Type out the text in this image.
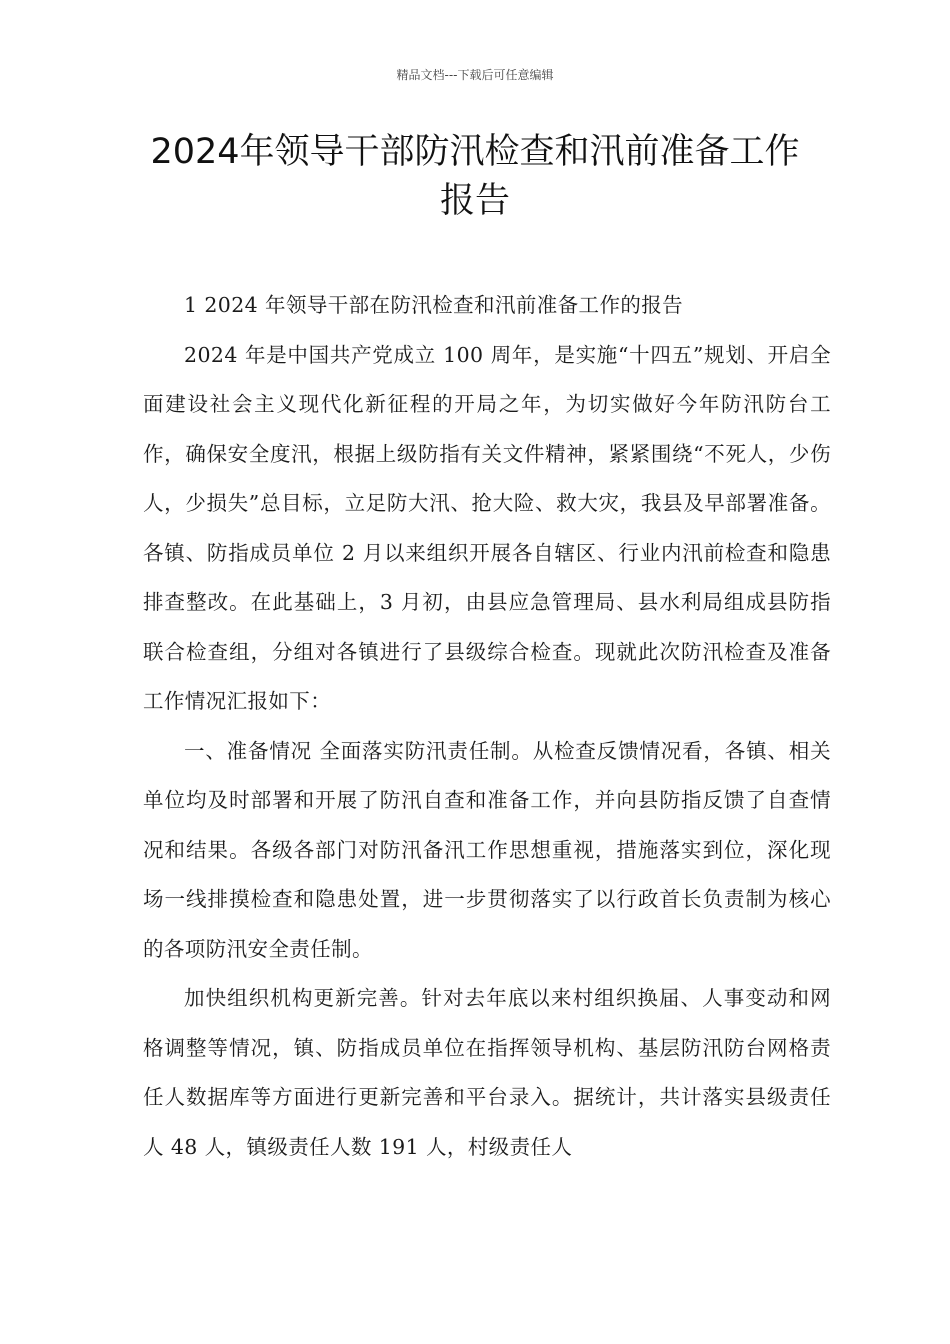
精品文档---下载后可任意编辑
2024年领导干部防汛检查和汛前准备工作报告

1 2024 年领导干部在防汛检查和汛前准备工作的报告

2024 年是中国共产党成立 100 周年，是实施“十四五”规划、开启全面建设社会主义现代化新征程的开局之年，为切实做好今年防汛防台工作，确保安全度汛，根据上级防指有关文件精神，紧紧围绕“不死人，少伤人，少损失”总目标，立足防大汛、抢大险、救大灾，我县及早部署准备。各镇、防指成员单位 2 月以来组织开展各自辖区、行业内汛前检查和隐患排查整改。在此基础上，3 月初，由县应急管理局、县水利局组成县防指联合检查组，分组对各镇进行了县级综合检查。现就此次防汛检查及准备工作情况汇报如下：

一、准备情况 全面落实防汛责任制。从检查反馈情况看，各镇、相关单位均及时部署和开展了防汛自查和准备工作，并向县防指反馈了自查情况和结果。各级各部门对防汛备汛工作思想重视，措施落实到位，深化现场一线排摸检查和隐患处置，进一步贯彻落实了以行政首长负责制为核心的各项防汛安全责任制。

加快组织机构更新完善。针对去年底以来村组织换届、人事变动和网格调整等情况，镇、防指成员单位在指挥领导机构、基层防汛防台网格责任人数据库等方面进行更新完善和平台录入。据统计，共计落实县级责任人 48 人，镇级责任人数 191 人，村级责任人
